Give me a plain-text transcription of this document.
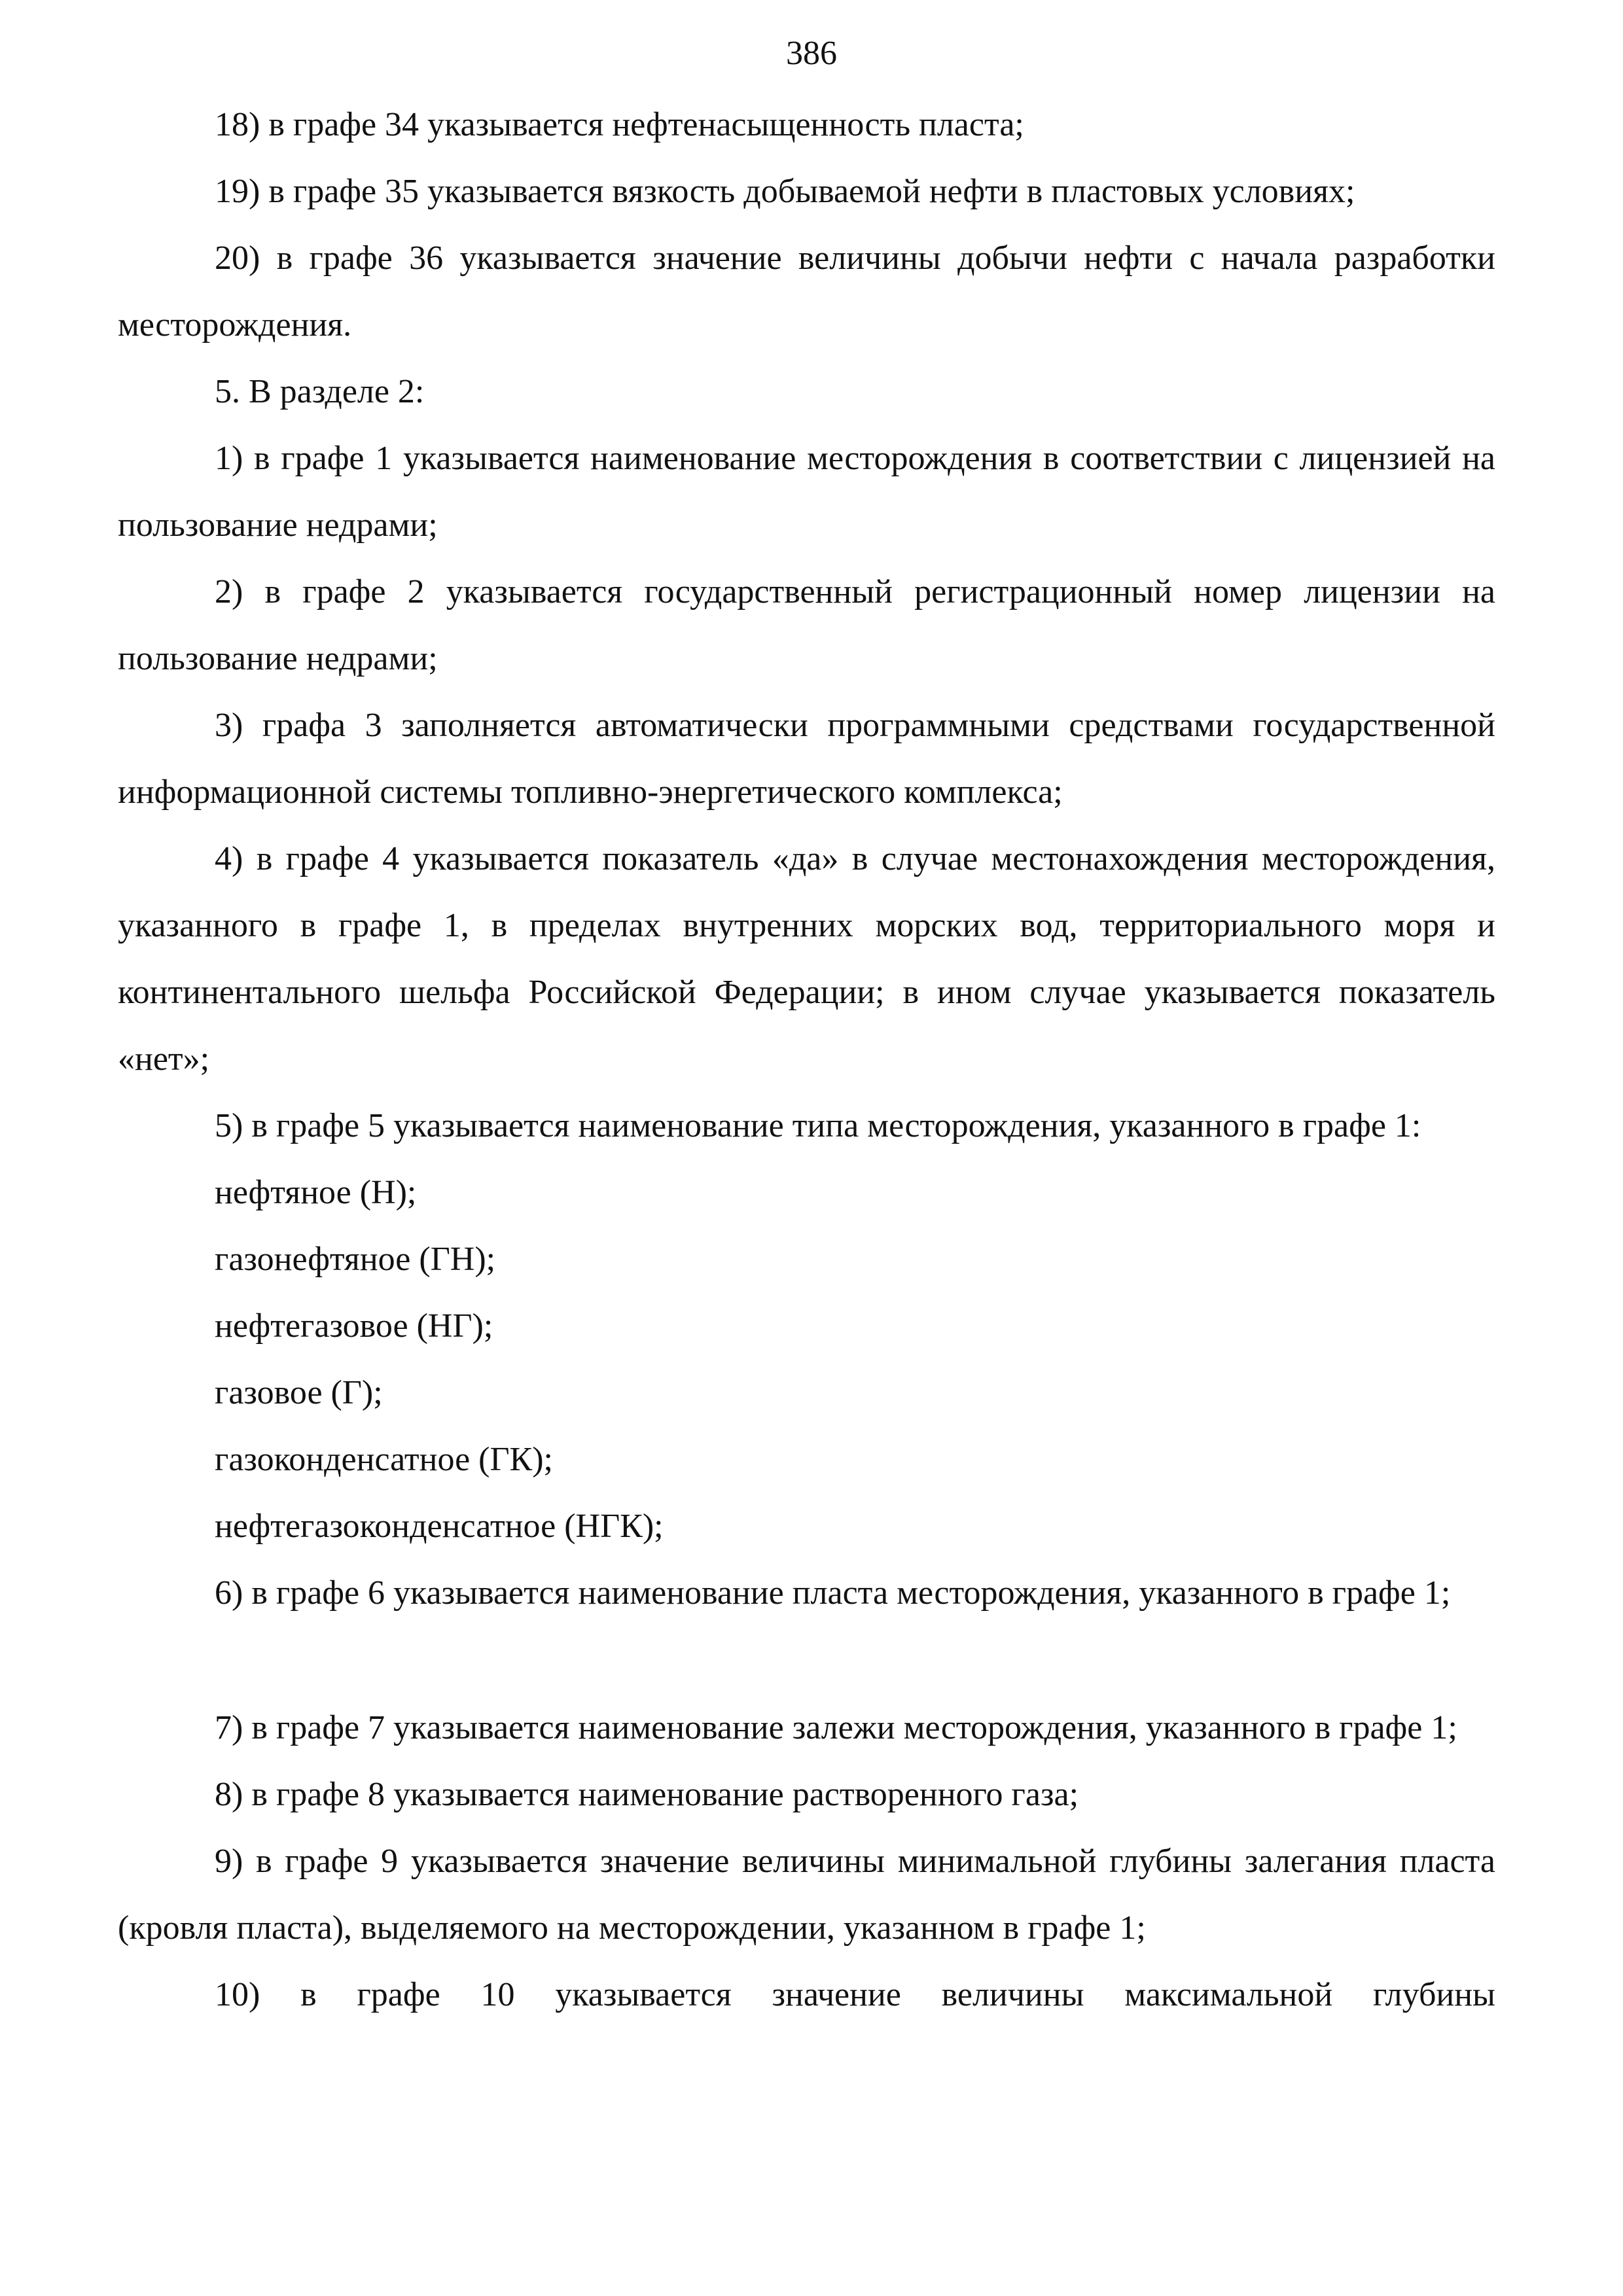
386

18) в графе 34 указывается нефтенасыщенность пласта;

19) в графе 35 указывается вязкость добываемой нефти в пластовых условиях;

20) в графе 36 указывается значение величины добычи нефти с начала разработки месторождения.

5. В разделе 2:

1) в графе 1 указывается наименование месторождения в соответствии с лицензией на пользование недрами;

2) в графе 2 указывается государственный регистрационный номер лицензии на пользование недрами;

3) графа 3 заполняется автоматически программными средствами государственной информационной системы топливно-энергетического комплекса;

4) в графе 4 указывается показатель «да» в случае местонахождения месторождения, указанного в графе 1, в пределах внутренних морских вод, территориального моря и континентального шельфа Российской Федерации; в ином случае указывается показатель «нет»;

5) в графе 5 указывается наименование типа месторождения, указанного в графе 1:

нефтяное (Н);

газонефтяное (ГН);

нефтегазовое (НГ);

газовое (Г);

газоконденсатное (ГК);

нефтегазоконденсатное (НГК);

6) в графе 6 указывается наименование пласта месторождения, указанного в графе 1;

7) в графе 7 указывается наименование залежи месторождения, указанного в графе 1;

8) в графе 8 указывается наименование растворенного газа;

9) в графе 9 указывается значение величины минимальной глубины залегания пласта (кровля пласта), выделяемого на месторождении, указанном в графе 1;

10) в графе 10 указывается значение величины максимальной глубины
